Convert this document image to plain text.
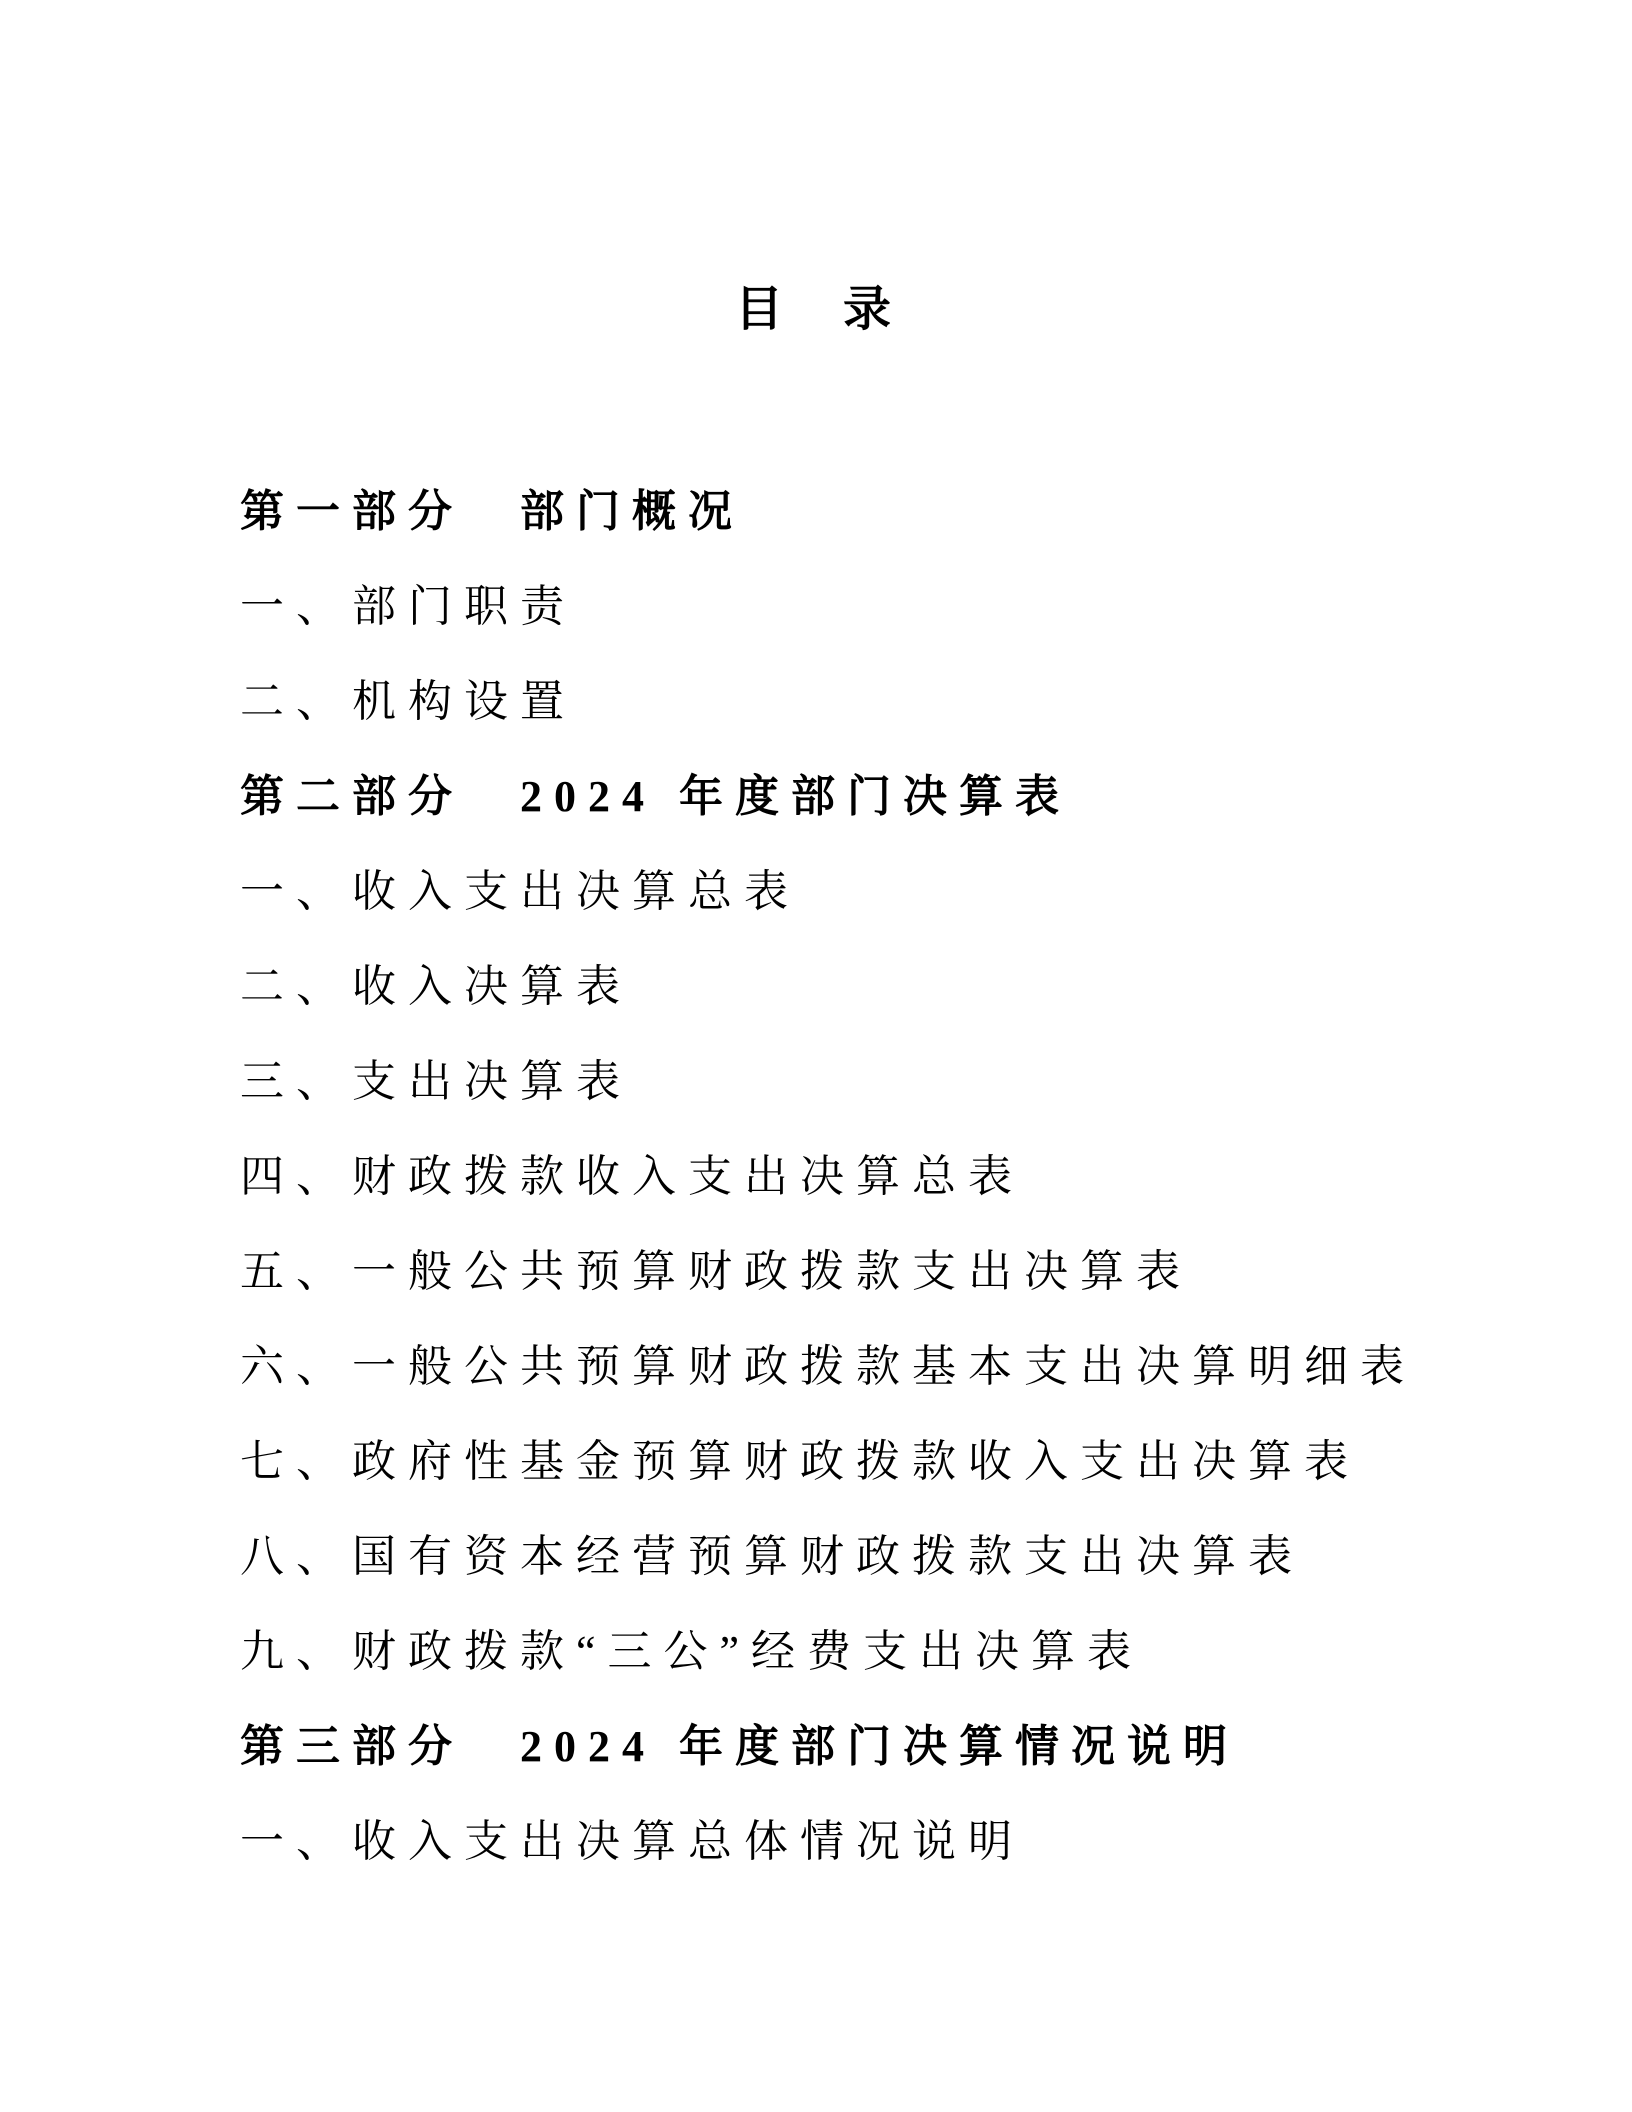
目　录

第一部分　部门概况

一、部门职责

二、机构设置

第二部分　2024 年度部门决算表

一、收入支出决算总表

二、收入决算表

三、支出决算表

四、财政拨款收入支出决算总表

五、一般公共预算财政拨款支出决算表

六、一般公共预算财政拨款基本支出决算明细表

七、政府性基金预算财政拨款收入支出决算表

八、国有资本经营预算财政拨款支出决算表

九、财政拨款“三公”经费支出决算表

第三部分　2024 年度部门决算情况说明

一、收入支出决算总体情况说明
